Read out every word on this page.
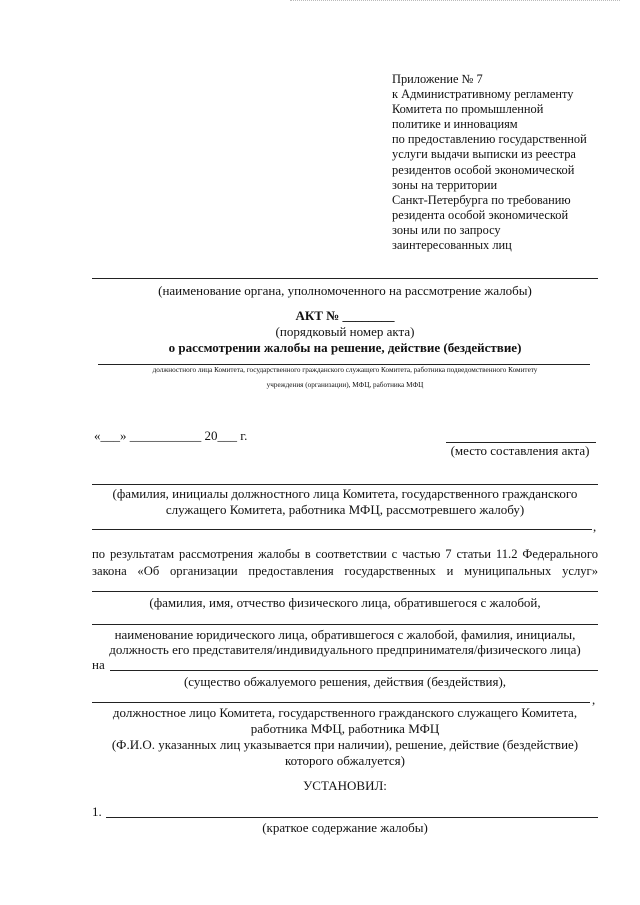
Приложение № 7
к Административному регламенту
Комитета по промышленной
политике и инновациям
по предоставлению государственной
услуги выдачи выписки из реестра
резидентов особой экономической
зоны на территории
Санкт-Петербурга по требованию
резидента особой экономической
зоны или по запросу
заинтересованных лиц
(наименование органа, уполномоченного на рассмотрение жалобы)
АКТ № ________
(порядковый номер акта)
о рассмотрении жалобы на решение, действие (бездействие)
должностного лица Комитета, государственного гражданского служащего Комитета, работника подведомственного Комитету
учреждения (организации), МФЦ, работника МФЦ
«___» ___________ 20___ г.
(место составления акта)
(фамилия, инициалы должностного лица Комитета, государственного гражданского
служащего Комитета, работника МФЦ, рассмотревшего жалобу)
,
по результатам рассмотрения жалобы в соответствии с частью 7 статьи 11.2 Федерального
закона «Об организации предоставления государственных и муниципальных услуг»
(фамилия, имя, отчество физического лица, обратившегося с жалобой,
наименование юридического лица, обратившегося с жалобой, фамилия, инициалы,
должность его представителя/индивидуального предпринимателя/физического лица)
на
(существо обжалуемого решения, действия (бездействия),
,
должностное лицо Комитета, государственного гражданского служащего Комитета,
работника МФЦ, работника МФЦ
(Ф.И.О. указанных лиц указывается при наличии), решение, действие (бездействие)
которого обжалуется)
УСТАНОВИЛ:
1.
(краткое содержание жалобы)
